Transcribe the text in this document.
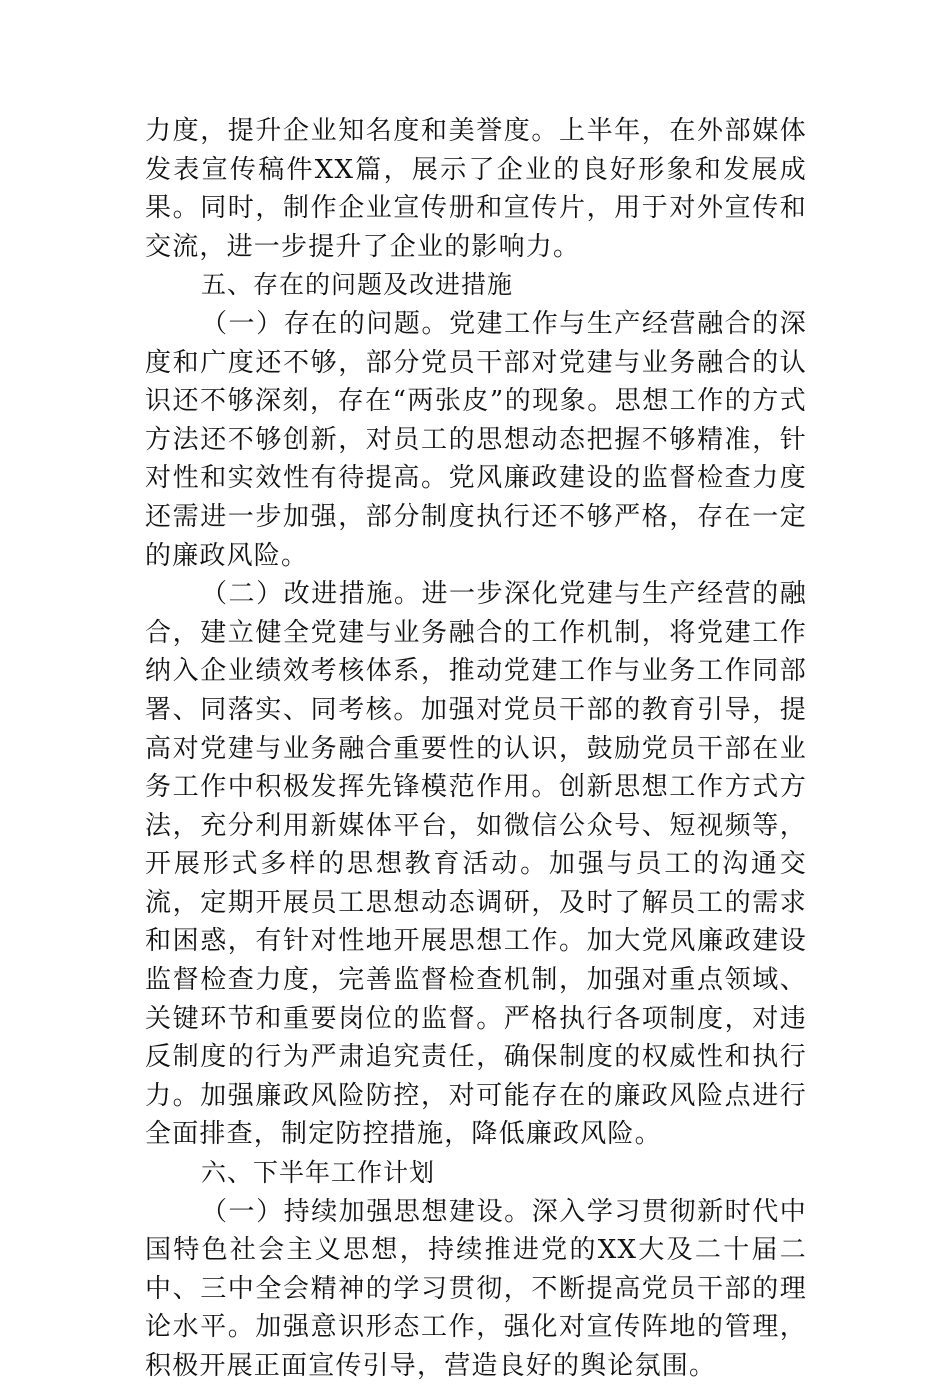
力度，提升企业知名度和美誉度。上半年，在外部媒体发表宣传稿件XX篇，展示了企业的良好形象和发展成果。同时，制作企业宣传册和宣传片，用于对外宣传和交流，进一步提升了企业的影响力。

五、存在的问题及改进措施

（一）存在的问题。党建工作与生产经营融合的深度和广度还不够，部分党员干部对党建与业务融合的认识还不够深刻，存在“两张皮”的现象。思想工作的方式方法还不够创新，对员工的思想动态把握不够精准，针对性和实效性有待提高。党风廉政建设的监督检查力度还需进一步加强，部分制度执行还不够严格，存在一定的廉政风险。

（二）改进措施。进一步深化党建与生产经营的融合，建立健全党建与业务融合的工作机制，将党建工作纳入企业绩效考核体系，推动党建工作与业务工作同部署、同落实、同考核。加强对党员干部的教育引导，提高对党建与业务融合重要性的认识，鼓励党员干部在业务工作中积极发挥先锋模范作用。创新思想工作方式方法，充分利用新媒体平台，如微信公众号、短视频等，开展形式多样的思想教育活动。加强与员工的沟通交流，定期开展员工思想动态调研，及时了解员工的需求和困惑，有针对性地开展思想工作。加大党风廉政建设监督检查力度，完善监督检查机制，加强对重点领域、关键环节和重要岗位的监督。严格执行各项制度，对违反制度的行为严肃追究责任，确保制度的权威性和执行力。加强廉政风险防控，对可能存在的廉政风险点进行全面排查，制定防控措施，降低廉政风险。

六、下半年工作计划

（一）持续加强思想建设。深入学习贯彻新时代中国特色社会主义思想，持续推进党的XX大及二十届二中、三中全会精神的学习贯彻，不断提高党员干部的理论水平。加强意识形态工作，强化对宣传阵地的管理，积极开展正面宣传引导，营造良好的舆论氛围。
